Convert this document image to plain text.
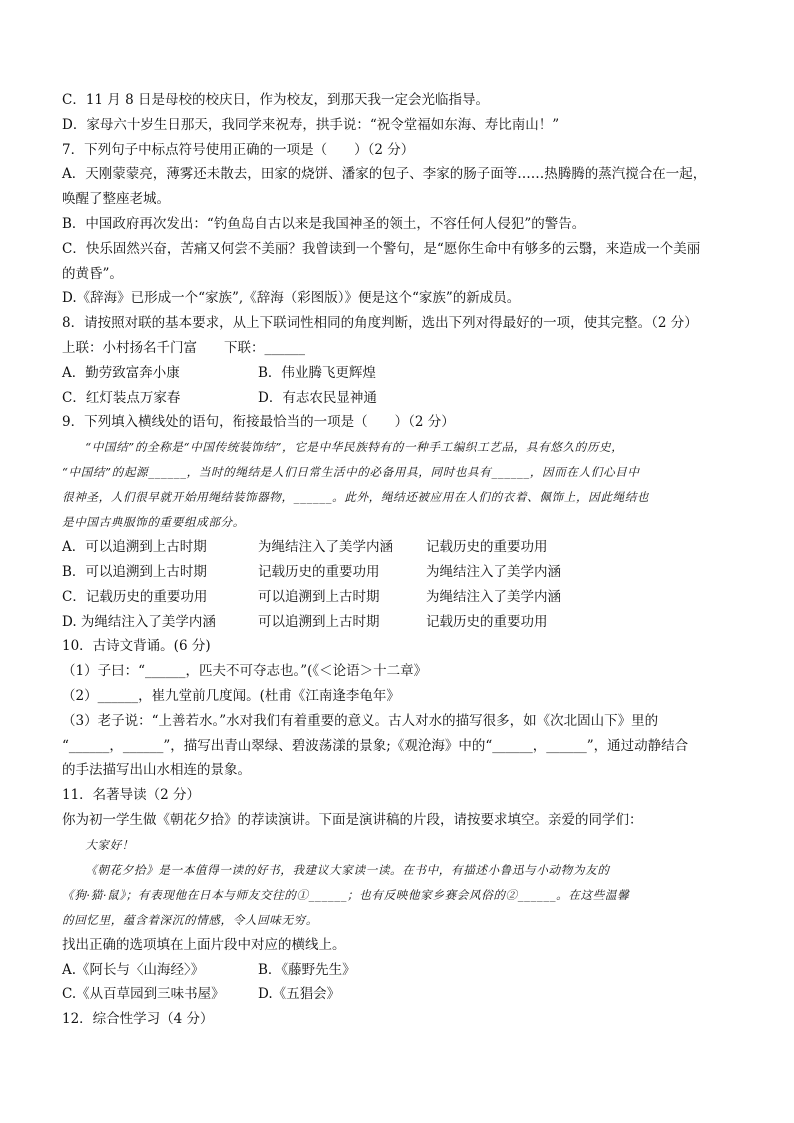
C．11 月 8 日是母校的校庆日，作为校友，到那天我一定会光临指导。

D．家母六十岁生日那天，我同学来祝寿，拱手说：“祝令堂福如东海、寿比南山！”

7．下列句子中标点符号使用正确的一项是（　　）（2 分）

A．天刚蒙蒙亮，薄雾还未散去，田家的烧饼、潘家的包子、李家的肠子面等……热腾腾的蒸汽搅合在一起，

唤醒了整座老城。

B．中国政府再次发出：“钓鱼岛自古以来是我国神圣的领土，不容任何人侵犯”的警告。

C．快乐固然兴奋，苦痛又何尝不美丽？我曾读到一个警句，是“愿你生命中有够多的云翳，来造成一个美丽

的黄昏”。

D.《辞海》已形成一个“家族”,《辞海（彩图版）》便是这个“家族”的新成员。

8．请按照对联的基本要求，从上下联词性相同的角度判断，选出下列对得最好的一项，使其完整。（2 分）

上联：小村扬名千门富　　下联：______

A．勤劳致富奔小康	B．伟业腾飞更辉煌
C．红灯装点万家春	D．有志农民显神通

9．下列填入横线处的语句，衔接最恰当的一项是（　　）（2 分）

“中国结”的全称是“中国传统装饰结”，它是中华民族特有的一种手工编织工艺品，具有悠久的历史，

“中国结”的起源______，当时的绳结是人们日常生活中的必备用具，同时也具有______，因而在人们心目中

很神圣，人们很早就开始用绳结装饰器物，______。此外，绳结还被应用在人们的衣着、佩饰上，因此绳结也

是中国古典服饰的重要组成部分。

A．可以追溯到上古时期	为绳结注入了美学内涵	记载历史的重要功用
B．可以追溯到上古时期	记载历史的重要功用	为绳结注入了美学内涵
C．记载历史的重要功用	可以追溯到上古时期	为绳结注入了美学内涵
D. 为绳结注入了美学内涵	可以追溯到上古时期	记载历史的重要功用

10．古诗文背诵。(6 分)

（1）子曰：“______，匹夫不可夺志也。”(《＜论语＞十二章》

（2）______，崔九堂前几度闻。(杜甫《江南逢李龟年》

（3）老子说：“上善若水。”水对我们有着重要的意义。古人对水的描写很多，如《次北固山下》里的

“______，______”，描写出青山翠绿、碧波荡漾的景象;《观沧海》中的“______，______”，通过动静结合

的手法描写出山水相连的景象。

11．名著导读（2 分）

你为初一学生做《朝花夕拾》的荐读演讲。下面是演讲稿的片段，请按要求填空。亲爱的同学们：

大家好！

《朝花夕拾》是一本值得一读的好书，我建议大家读一读。在书中，有描述小鲁迅与小动物为友的

《狗·猫·鼠》；有表现他在日本与师友交往的①______；也有反映他家乡赛会风俗的②______。在这些温馨

的回忆里，蕴含着深沉的情感，令人回味无穷。

找出正确的选项填在上面片段中对应的横线上。

A.《阿长与〈山海经〉》	B．《藤野先生》
C.《从百草园到三味书屋》	D.《五猖会》

12．综合性学习（4 分）
